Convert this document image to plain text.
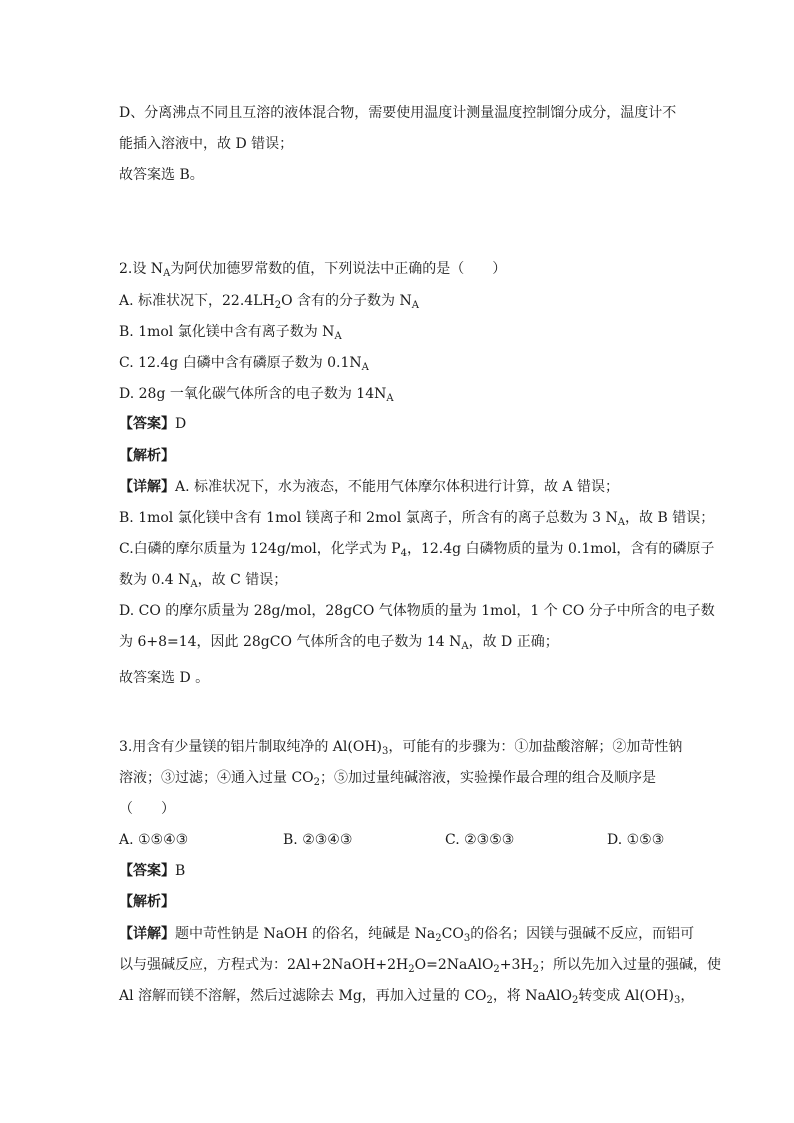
D、分离沸点不同且互溶的液体混合物，需要使用温度计测量温度控制馏分成分，温度计不
能插入溶液中，故 D 错误；
故答案选 B。
2.设 $N_A$为阿伏加德罗常数的值，下列说法中正确的是（　　）
A. 标准状况下，$22.4LH_2O$ 含有的分子数为 $N_A$
B. 1mol 氯化镁中含有离子数为 $N_A$
C. 12.4g 白磷中含有磷原子数为 $0.1N_A$
D. 28g 一氧化碳气体所含的电子数为 $14N_A$
【答案】D
【解析】
【详解】A. 标准状况下，水为液态，不能用气体摩尔体积进行计算，故 A 错误；
B. 1mol 氯化镁中含有 1mol 镁离子和 2mol 氯离子，所含有的离子总数为 3 $N_A$，故 B 错误；
C.白磷的摩尔质量为 124g/mol，化学式为 $P_4$，12.4g 白磷物质的量为 0.1mol，含有的磷原子
数为 0.4 $N_A$，故 C 错误；
D. CO 的摩尔质量为 28g/mol，28gCO 气体物质的量为 1mol，1 个 CO 分子中所含的电子数
为 6+8=14，因此 28gCO 气体所含的电子数为 14 $N_A$，故 D 正确；
故答案选 D 。
3.用含有少量镁的铝片制取纯净的 $Al(OH)_3$，可能有的步骤为：①加盐酸溶解；②加苛性钠
溶液；③过滤；④通入过量 $CO_2$；⑤加过量纯碱溶液，实验操作最合理的组合及顺序是
（　　）
A. ①⑤④③	B. ②③④③	C. ②③⑤③	D. ①⑤③
【答案】B
【解析】
【详解】题中苛性钠是 NaOH 的俗名，纯碱是 $Na_2CO_3$的俗名；因镁与强碱不反应，而铝可
以与强碱反应，方程式为：$2Al+2NaOH+2H_2O=2NaAlO_2+3H_2$；所以先加入过量的强碱，使
Al 溶解而镁不溶解，然后过滤除去 Mg，再加入过量的 $CO_2$，将 NaAlO$_2$转变成 $Al(OH)_3$，
